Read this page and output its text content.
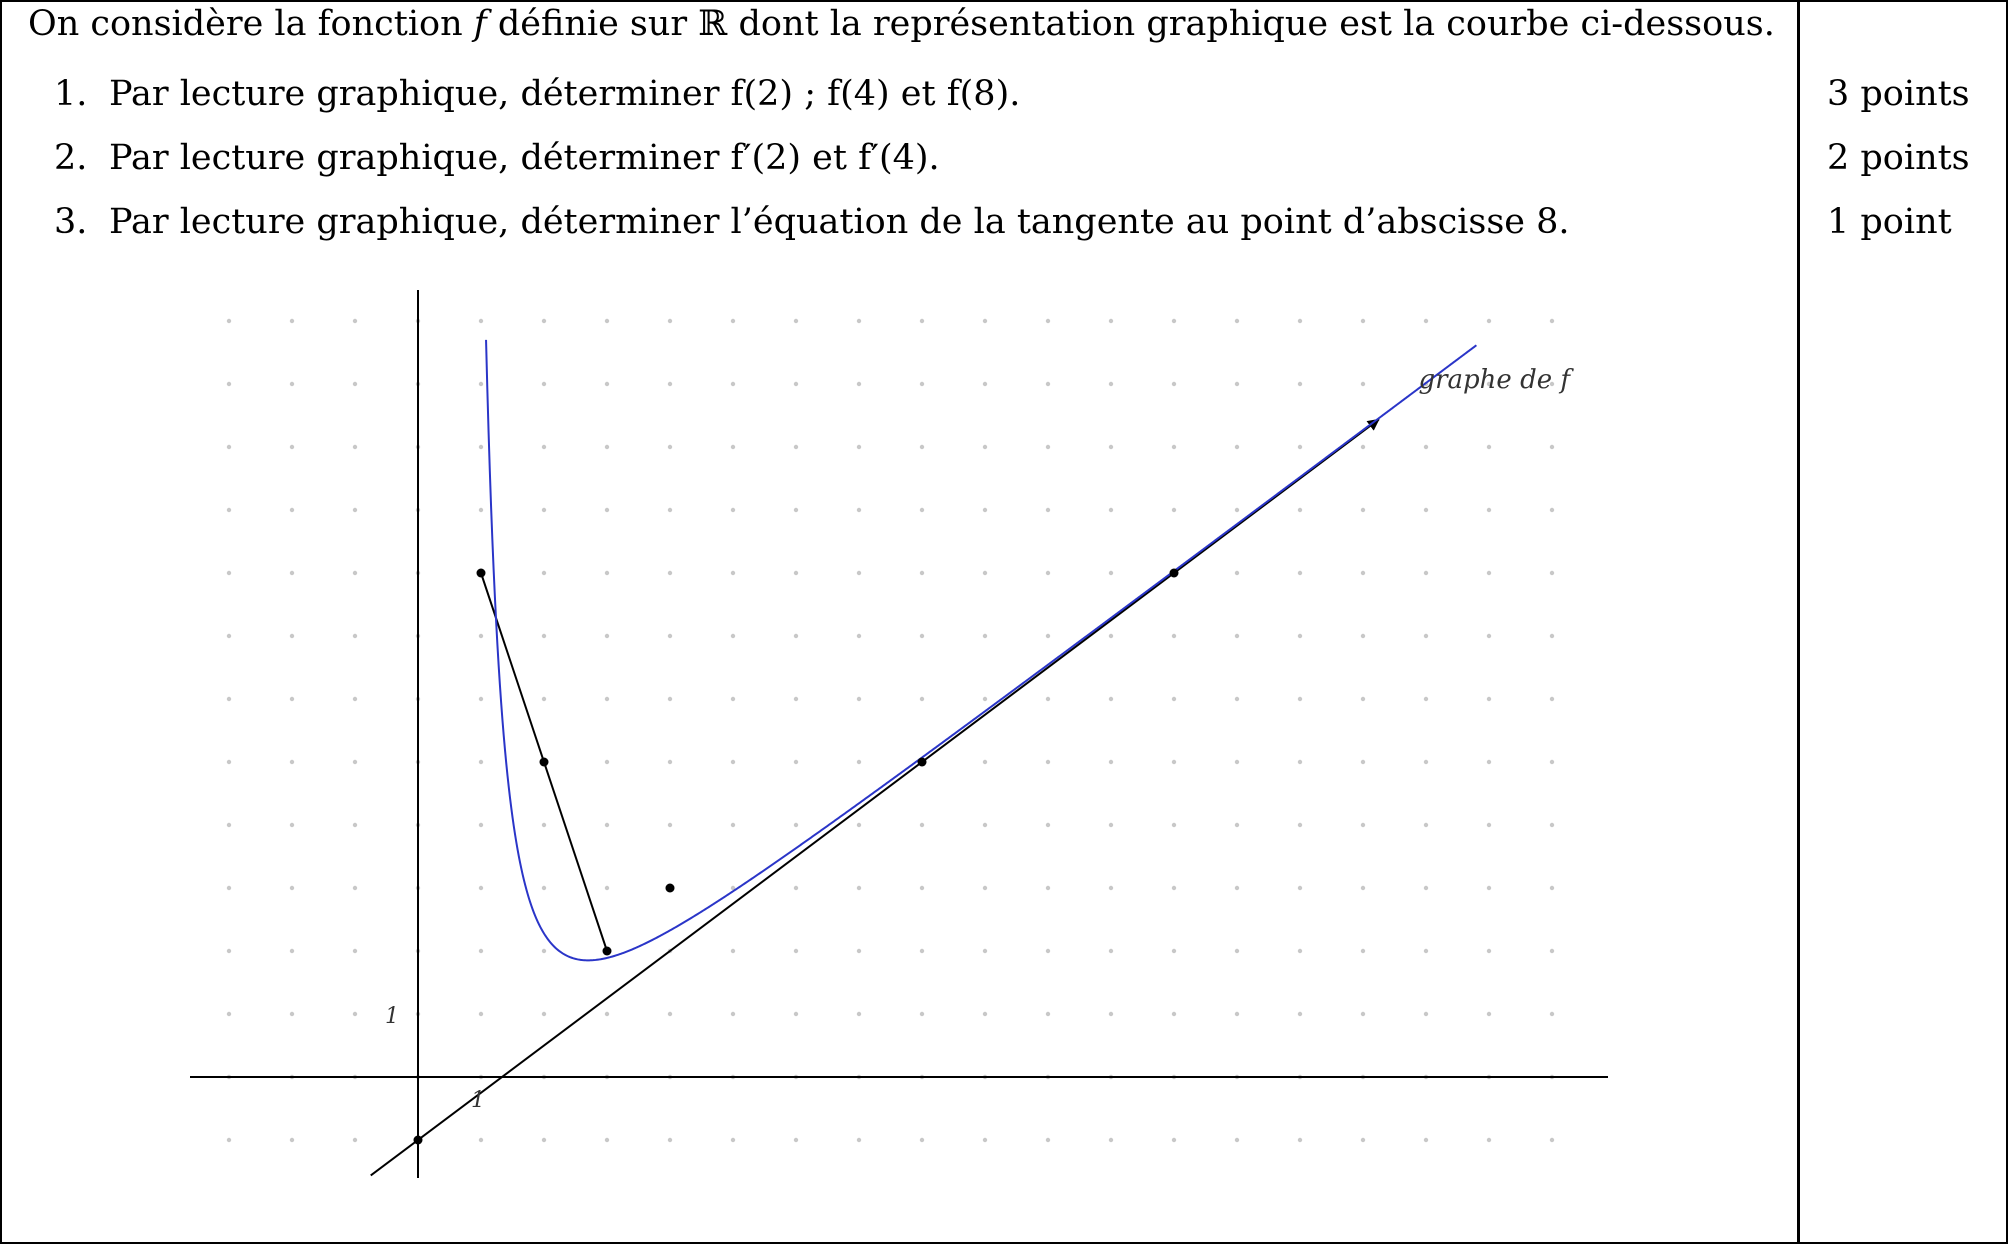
On considère la fonction f définie sur ℝ dont la représentation graphique est la courbe ci-dessous.
1. Par lecture graphique, déterminer f(2) ; f(4) et f(8).
2. Par lecture graphique, déterminer f′(2) et f′(4).
3. Par lecture graphique, déterminer l’équation de la tangente au point d’abscisse 8.
3 points
2 points
1 point
graphe de f
1
1
